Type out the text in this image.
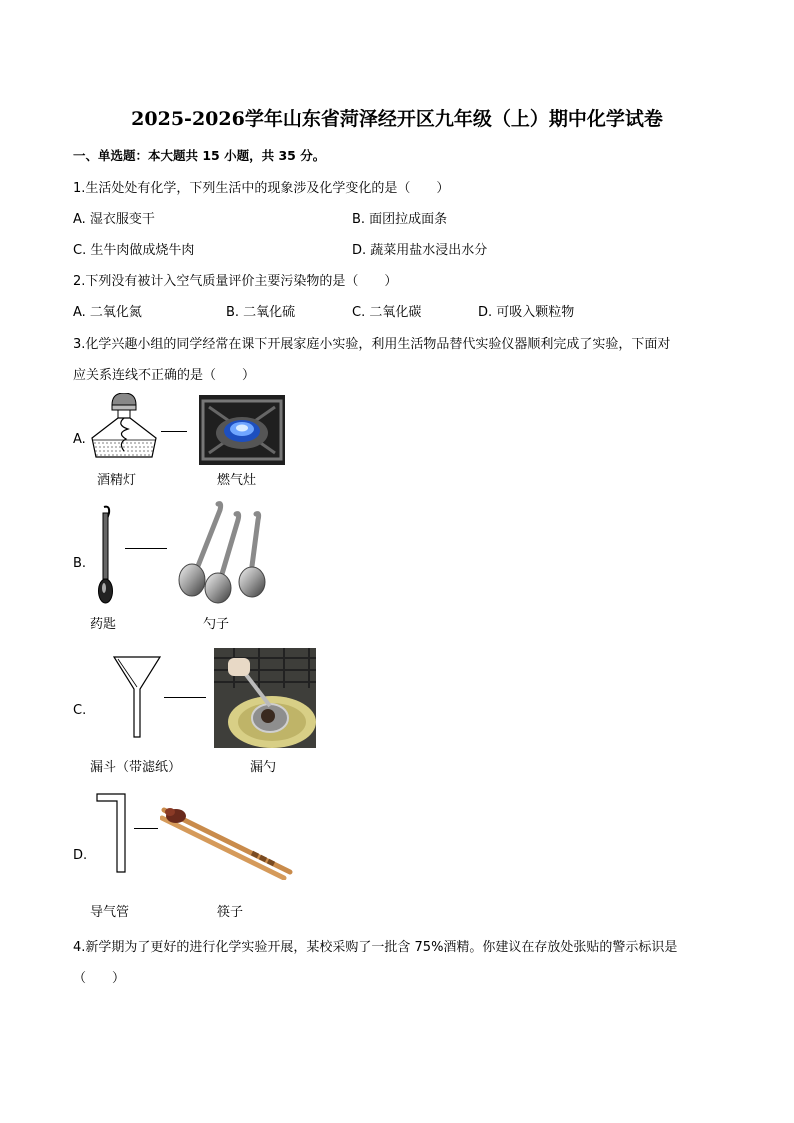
2025-2026学年山东省菏泽经开区九年级（上）期中化学试卷
一、单选题：本大题共 15 小题，共 35 分。
1.生活处处有化学，下列生活中的现象涉及化学变化的是（　　）
A. 湿衣服变干	B. 面团拉成面条
C. 生牛肉做成烧牛肉	D. 蔬菜用盐水浸出水分
2.下列没有被计入空气质量评价主要污染物的是（　　）
A. 二氧化氮	B. 二氧化硫	C. 二氧化碳	D. 可吸入颗粒物
3.化学兴趣小组的同学经常在课下开展家庭小实验，利用生活物品替代实验仪器顺利完成了实验，下面对
应关系连线不正确的是（　　）
A.
酒精灯	燃气灶
B.
药匙	勺子
C.
漏斗（带滤纸）	漏勺
D.
导气管	筷子
4.新学期为了更好的进行化学实验开展，某校采购了一批含 75%酒精。你建议在存放处张贴的警示标识是
（　　）
